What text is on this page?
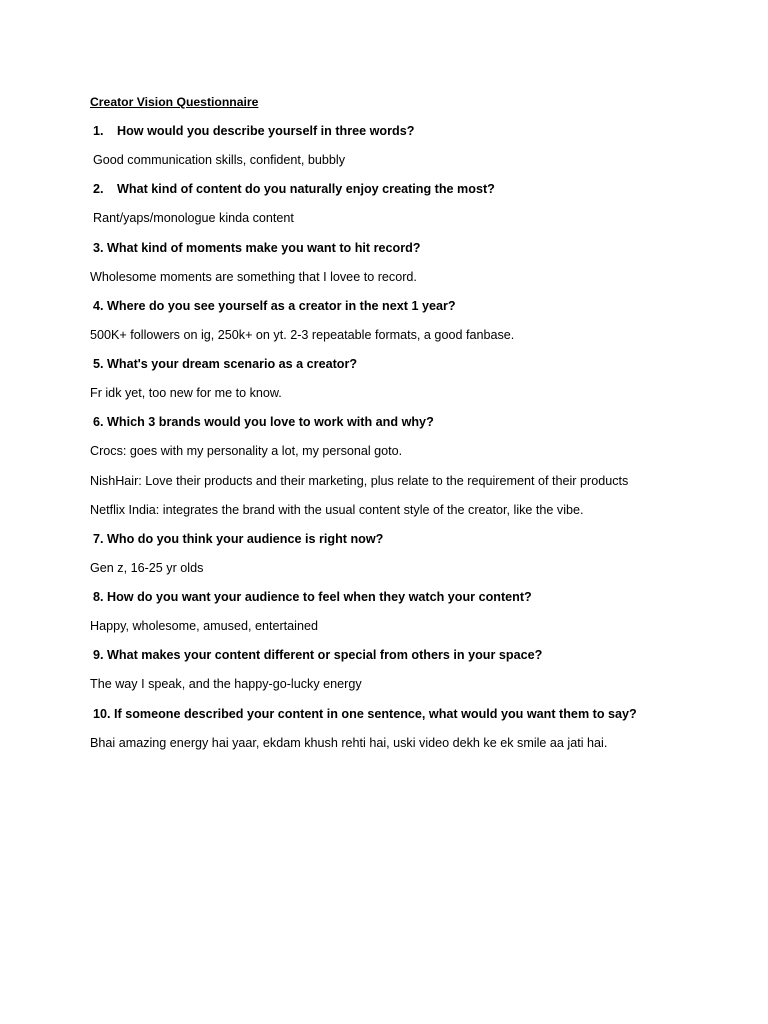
Creator Vision Questionnaire
1. How would you describe yourself in three words?
Good communication skills, confident, bubbly
2. What kind of content do you naturally enjoy creating the most?
Rant/yaps/monologue kinda content
3. What kind of moments make you want to hit record?
Wholesome moments are something that I lovee to record.
4. Where do you see yourself as a creator in the next 1 year?
500K+ followers on ig, 250k+ on yt. 2-3 repeatable formats, a good fanbase.
5. What's your dream scenario as a creator?
Fr idk yet, too new for me to know.
6. Which 3 brands would you love to work with and why?
Crocs: goes with my personality a lot, my personal goto.
NishHair: Love their products and their marketing, plus relate to the requirement of their products
Netflix India: integrates the brand with the usual content style of the creator, like the vibe.
7. Who do you think your audience is right now?
Gen z, 16-25 yr olds
8. How do you want your audience to feel when they watch your content?
Happy, wholesome, amused, entertained
9. What makes your content different or special from others in your space?
The way I speak, and the happy-go-lucky energy
10. If someone described your content in one sentence, what would you want them to say?
Bhai amazing energy hai yaar, ekdam khush rehti hai, uski video dekh ke ek smile aa jati hai.
